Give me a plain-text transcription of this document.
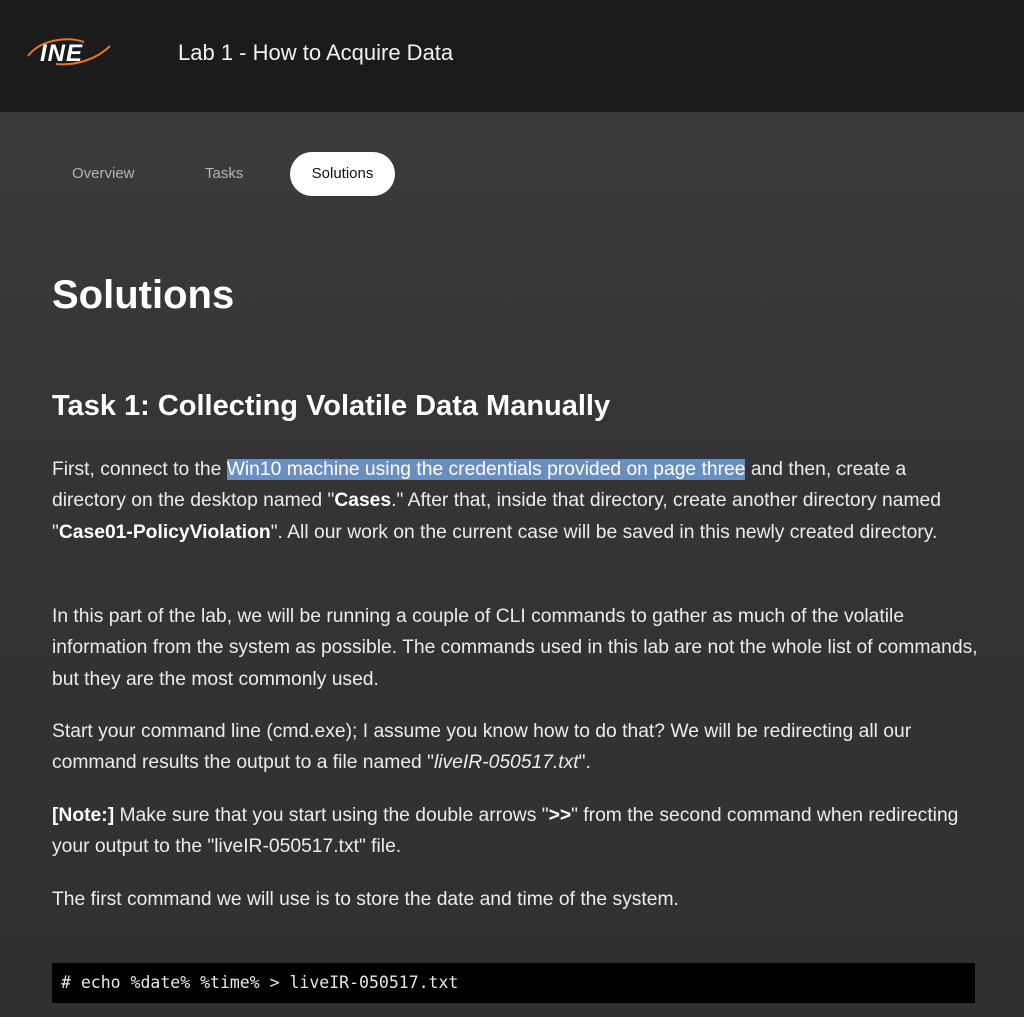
INE	Lab 1 - How to Acquire Data
Overview	Tasks	Solutions
Solutions
Task 1: Collecting Volatile Data Manually

First, connect to the Win10 machine using the credentials provided on page three and then, create a directory on the desktop named "Cases." After that, inside that directory, create another directory named "Case01-PolicyViolation". All our work on the current case will be saved in this newly created directory.

In this part of the lab, we will be running a couple of CLI commands to gather as much of the volatile information from the system as possible. The commands used in this lab are not the whole list of commands, but they are the most commonly used.

Start your command line (cmd.exe); I assume you know how to do that? We will be redirecting all our command results the output to a file named "liveIR-050517.txt".

[Note:] Make sure that you start using the double arrows ">>" from the second command when redirecting your output to the "liveIR-050517.txt" file.

The first command we will use is to store the date and time of the system.

# echo %date% %time% > liveIR-050517.txt
